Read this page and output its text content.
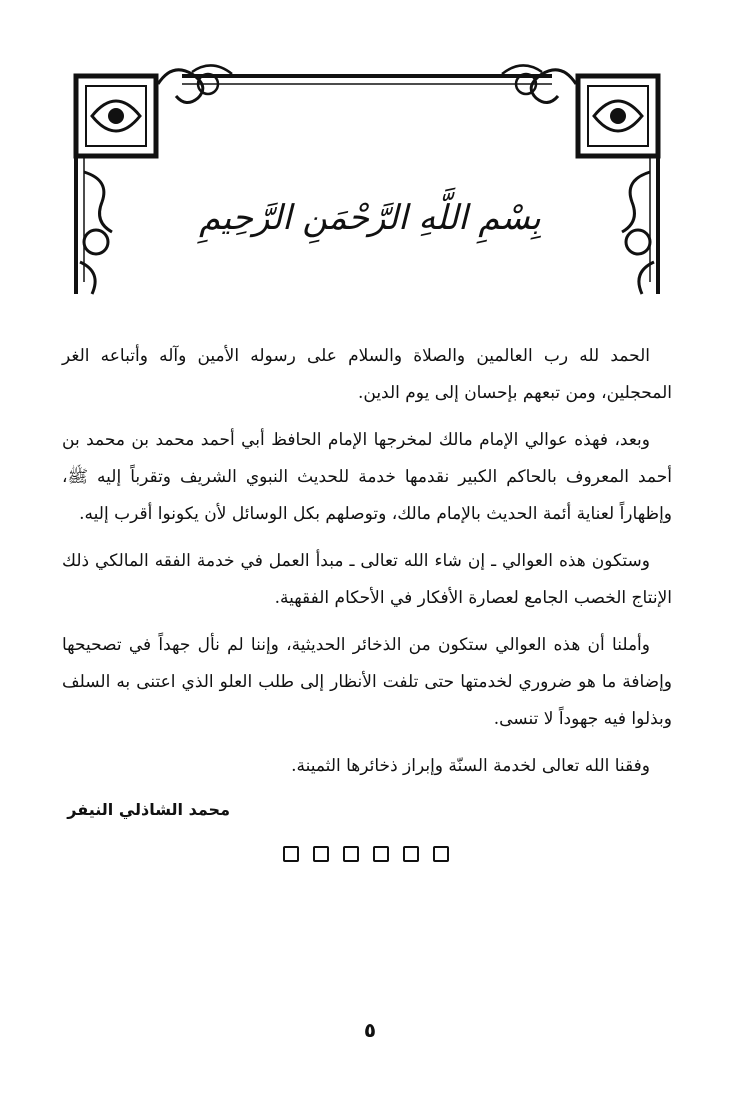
بِسْمِ اللَّهِ الرَّحْمَنِ الرَّحِيمِ

الحمد لله رب العالمين والصلاة والسلام على رسوله الأمين وآله وأتباعه الغر المحجلين، ومن تبعهم بإحسان إلى يوم الدين.

وبعد، فهذه عوالي الإمام مالك لمخرجها الإمام الحافظ أبي أحمد محمد بن محمد بن أحمد المعروف بالحاكم الكبير نقدمها خدمة للحديث النبوي الشريف وتقرباً إليه ﷺ، وإظهاراً لعناية أئمة الحديث بالإمام مالك، وتوصلهم بكل الوسائل لأن يكونوا أقرب إليه.

وستكون هذه العوالي ـ إن شاء الله تعالى ـ مبدأ العمل في خدمة الفقه المالكي ذلك الإنتاج الخصب الجامع لعصارة الأفكار في الأحكام الفقهية.

وأملنا أن هذه العوالي ستكون من الذخائر الحديثية، وإننا لم نأل جهداً في تصحيحها وإضافة ما هو ضروري لخدمتها حتى تلفت الأنظار إلى طلب العلو الذي اعتنى به السلف وبذلوا فيه جهوداً لا تنسى.

وفقنا الله تعالى لخدمة السنّة وإبراز ذخائرها الثمينة.

محمد الشاذلي النيفر
٥
